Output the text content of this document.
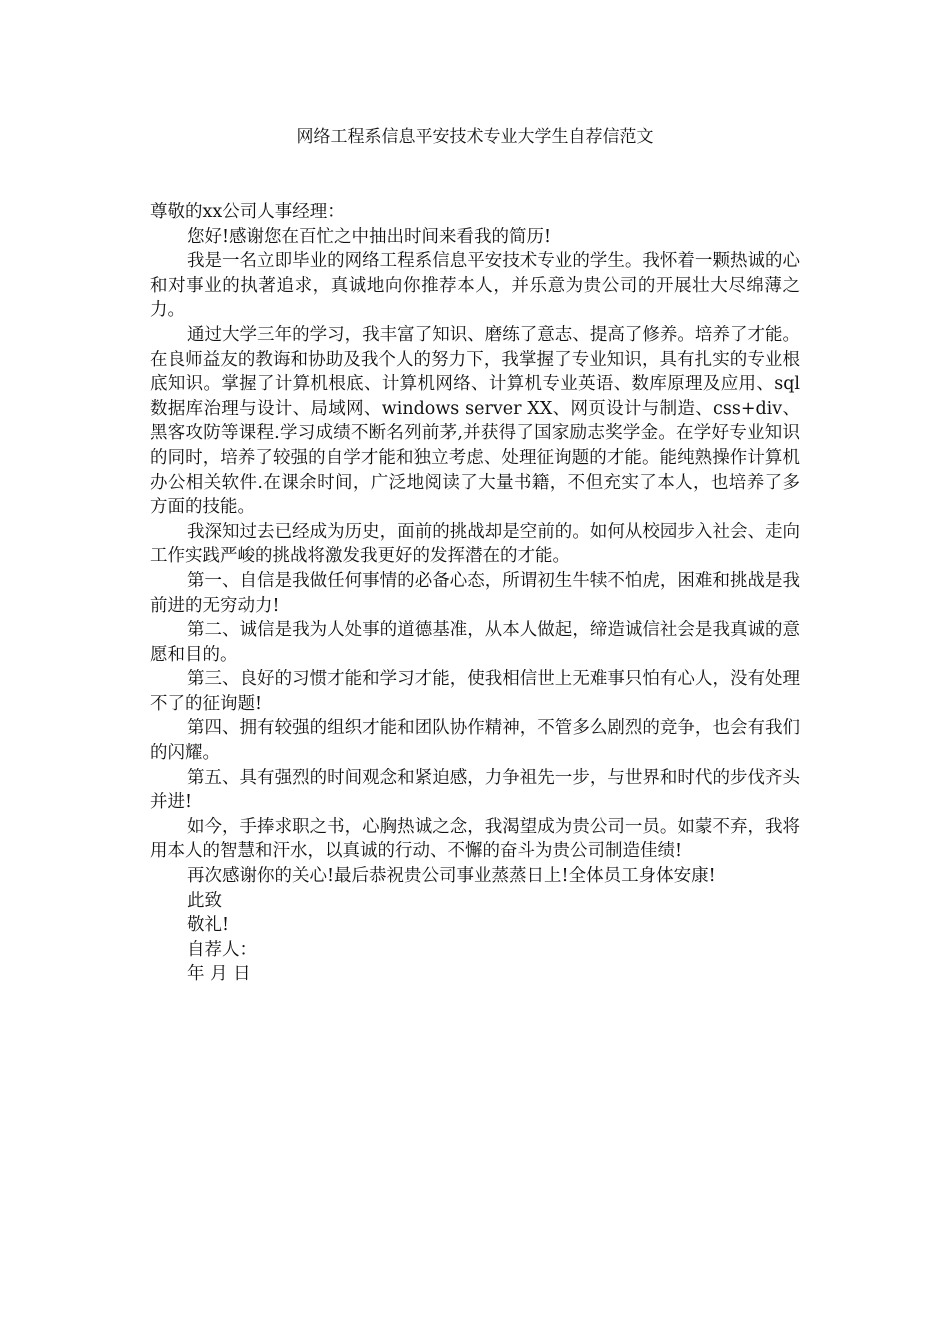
网络工程系信息平安技术专业大学生自荐信范文

尊敬的xx公司人事经理：

您好!感谢您在百忙之中抽出时间来看我的简历!

我是一名立即毕业的网络工程系信息平安技术专业的学生。我怀着一颗热诚的心和对事业的执著追求，真诚地向你推荐本人，并乐意为贵公司的开展壮大尽绵薄之力。

通过大学三年的学习，我丰富了知识、磨练了意志、提高了修养。培养了才能。在良师益友的教诲和协助及我个人的努力下，我掌握了专业知识，具有扎实的专业根底知识。掌握了计算机根底、计算机网络、计算机专业英语、数库原理及应用、sql数据库治理与设计、局域网、windows server XX、网页设计与制造、css+div、黑客攻防等课程.学习成绩不断名列前茅,并获得了国家励志奖学金。在学好专业知识的同时，培养了较强的自学才能和独立考虑、处理征询题的才能。能纯熟操作计算机办公相关软件.在课余时间，广泛地阅读了大量书籍，不但充实了本人，也培养了多方面的技能。

我深知过去已经成为历史，面前的挑战却是空前的。如何从校园步入社会、走向工作实践严峻的挑战将激发我更好的发挥潜在的才能。

第一、自信是我做任何事情的必备心态，所谓初生牛犊不怕虎，困难和挑战是我前进的无穷动力!

第二、诚信是我为人处事的道德基准，从本人做起，缔造诚信社会是我真诚的意愿和目的。

第三、良好的习惯才能和学习才能，使我相信世上无难事只怕有心人，没有处理不了的征询题!

第四、拥有较强的组织才能和团队协作精神，不管多么剧烈的竞争，也会有我们的闪耀。

第五、具有强烈的时间观念和紧迫感，力争祖先一步，与世界和时代的步伐齐头并进!

如今，手捧求职之书，心胸热诚之念，我渴望成为贵公司一员。如蒙不弃，我将用本人的智慧和汗水，以真诚的行动、不懈的奋斗为贵公司制造佳绩!

再次感谢你的关心!最后恭祝贵公司事业蒸蒸日上!全体员工身体安康!

此致

敬礼!

自荐人：

年 月 日
